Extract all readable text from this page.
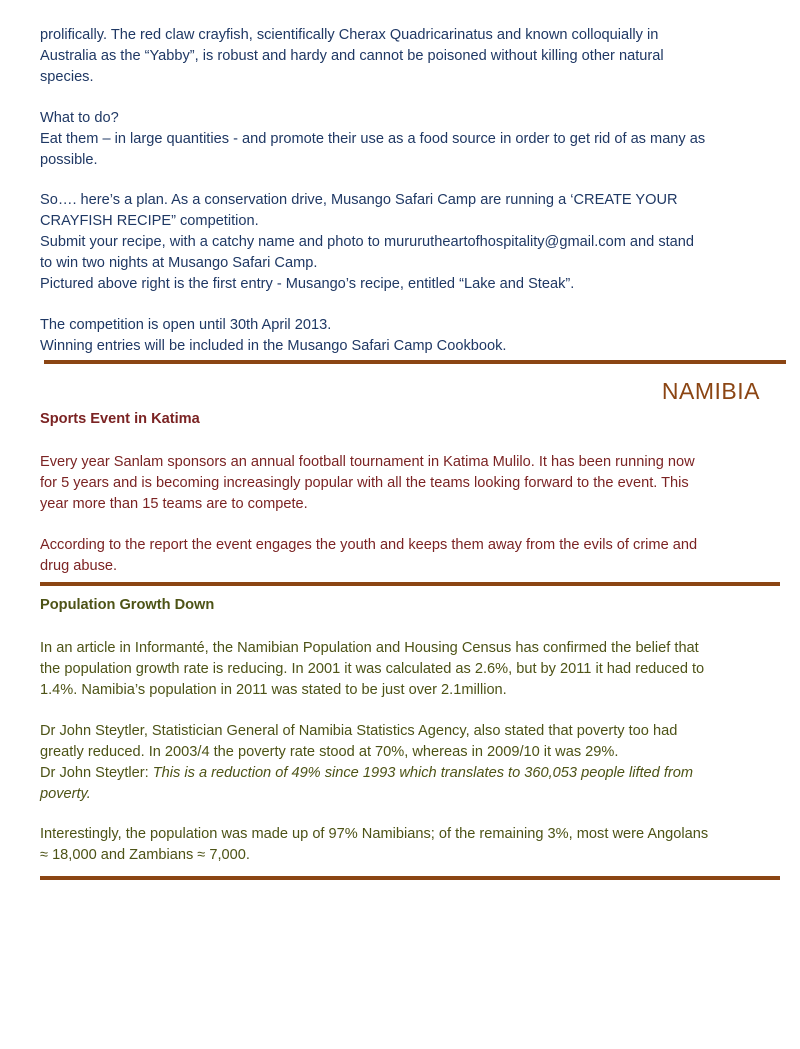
prolifically. The red claw crayfish, scientifically Cherax Quadricarinatus and known colloquially in
Australia as the “Yabby”, is robust and hardy and cannot be poisoned without killing other natural
species.
What to do?
Eat them – in large quantities - and promote their use as a food source in order to get rid of as many as
possible.
So…. here’s a plan. As a conservation drive, Musango Safari Camp are running a ‘CREATE YOUR
CRAYFISH RECIPE” competition.
Submit your recipe, with a catchy name and photo to mururutheartofhospitality@gmail.com and stand
to win two nights at Musango Safari Camp.
Pictured above right is the first entry - Musango’s recipe, entitled “Lake and Steak”.
The competition is open until 30th April 2013.
Winning entries will be included in the Musango Safari Camp Cookbook.
NAMIBIA
Sports Event in Katima
Every year Sanlam sponsors an annual football tournament in Katima Mulilo. It has been running now
for 5 years and is becoming increasingly popular with all the teams looking forward to the event. This
year more than 15 teams are to compete.
According to the report the event engages the youth and keeps them away from the evils of crime and
drug abuse.
Population Growth Down
In an article in Informanté, the Namibian Population and Housing Census has confirmed the belief that
the population growth rate is reducing. In 2001 it was calculated as 2.6%, but by 2011 it had reduced to
1.4%. Namibia’s population in 2011 was stated to be just over 2.1million.
Dr John Steytler, Statistician General of Namibia Statistics Agency, also stated that poverty too had
greatly reduced. In 2003/4 the poverty rate stood at 70%, whereas in 2009/10 it was 29%.
Dr John Steytler: This is a reduction of 49% since 1993 which translates to 360,053 people lifted from
poverty.
Interestingly, the population was made up of 97% Namibians; of the remaining 3%, most were Angolans
≈ 18,000 and Zambians ≈ 7,000.
